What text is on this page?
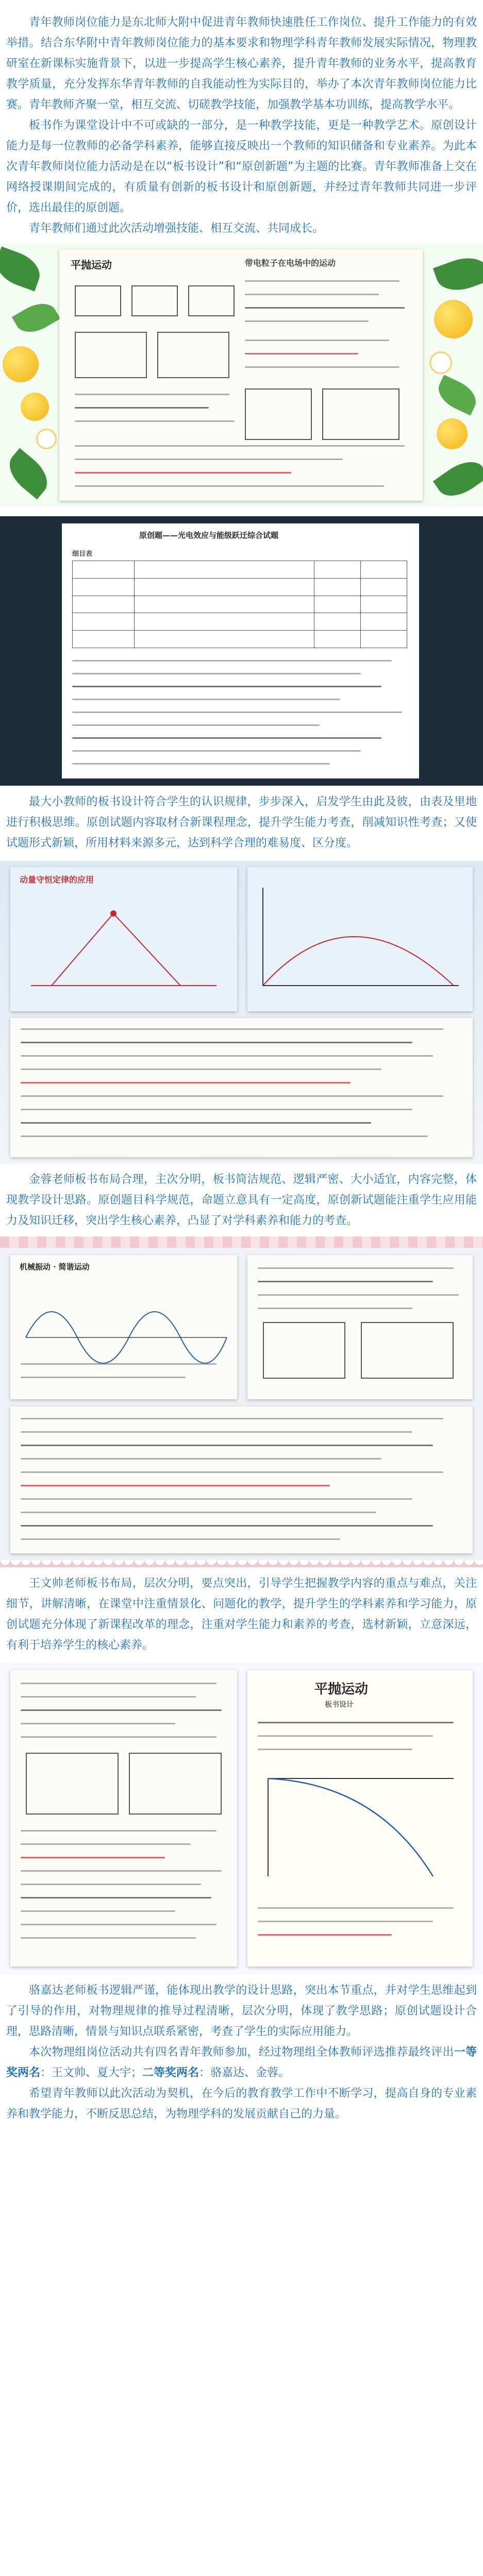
青年教师岗位能力是东北师大附中促进青年教师快速胜任工作岗位、提升工作能力的有效举措。结合东华附中青年教师岗位能力的基本要求和物理学科青年教师发展实际情况，物理教研室在新课标实施背景下，以进一步提高学生核心素养，提升青年教师的业务水平，提高教育教学质量，充分发挥东华青年教师的自我能动性为实际目的，举办了本次青年教师岗位能力比赛。青年教师齐聚一堂，相互交流、切磋教学技能，加强教学基本功训练，提高教学水平。

板书作为课堂设计中不可或缺的一部分，是一种教学技能，更是一种教学艺术。原创设计能力是每一位教师的必备学科素养，能够直接反映出一个教师的知识储备和专业素养。为此本次青年教师岗位能力活动是在以“板书设计”和“原创新题”为主题的比赛。青年教师准备上交在网络授课期间完成的，有质量有创新的板书设计和原创新题，并经过青年教师共同进一步评价，选出最佳的原创题。

青年教师们通过此次活动增强技能、相互交流、共同成长。

平抛运动	带电粒子在电场中的运动
原创题——光电效应与能级跃迁综合试题
细目表

最大小教师的板书设计符合学生的认识规律，步步深入，启发学生由此及彼，由表及里地进行积极思维。原创试题内容取材合新课程理念，提升学生能力考查，削减知识性考查；又使试题形式新颖，所用材料来源多元，达到科学合理的难易度、区分度。

动量守恒定律的应用

金蓉老师板书布局合理，主次分明，板书简洁规范、逻辑严密、大小适宜，内容完整，体现教学设计思路。原创题目科学规范，命题立意具有一定高度，原创新试题能注重学生应用能力及知识迁移，突出学生核心素养，凸显了对学科素养和能力的考查。

机械振动 · 简谐运动

王文帅老师板书布局，层次分明，要点突出，引导学生把握教学内容的重点与难点，关注细节，讲解清晰，在课堂中注重情景化、问题化的教学，提升学生的学科素养和学习能力，原创试题充分体现了新课程改革的理念，注重对学生能力和素养的考查，选材新颖，立意深远，有利于培养学生的核心素养。

平抛运动
板书设计

骆嘉达老师板书逻辑严谨，能体现出教学的设计思路，突出本节重点，并对学生思维起到了引导的作用，对物理规律的推导过程清晰，层次分明，体现了教学思路；原创试题设计合理，思路清晰，情景与知识点联系紧密，考查了学生的实际应用能力。

本次物理组岗位活动共有四名青年教师参加，经过物理组全体教师评选推荐最终评出一等奖两名：王文帅、夏大宇；二等奖两名：骆嘉达、金蓉。

希望青年教师以此次活动为契机，在今后的教育教学工作中不断学习，提高自身的专业素养和教学能力，不断反思总结，为物理学科的发展贡献自己的力量。
